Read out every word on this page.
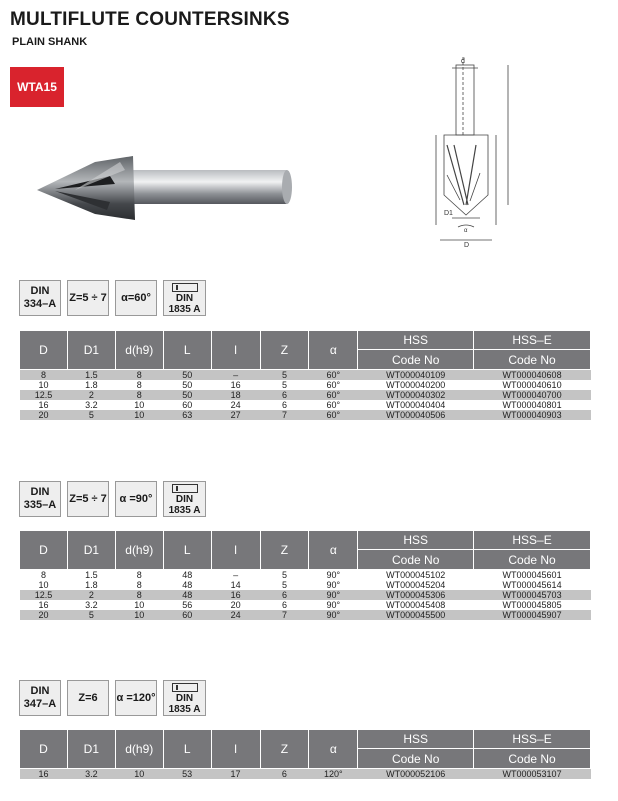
MULTIFLUTE COUNTERSINKS
PLAIN SHANK
WTA15
d
D1
D
α
DIN
334–A Z=5 ÷ 7	α=60°	DIN
1835 A
D	D1	d(h9)	L	l	Z	α	HSS	HSS–E
							Code No	Code No
8	1.5	8	50	–	5	60°	WT000040109	WT000040608
10	1.8	8	50	16	5	60°	WT000040200	WT000040610
12.5	2	8	50	18	6	60°	WT000040302	WT000040700
16	3.2	10	60	24	6	60°	WT000040404	WT000040801
20	5	10	63	27	7	60°	WT000040506	WT000040903
DIN
335–A Z=5 ÷ 7	α =90°	DIN
1835 A
D	D1	d(h9)	L	l	Z	α	HSS	HSS–E
							Code No	Code No
8	1.5	8	48	–	5	90°	WT000045102	WT000045601
10	1.8	8	48	14	5	90°	WT000045204	WT000045614
12.5	2	8	48	16	6	90°	WT000045306	WT000045703
16	3.2	10	56	20	6	90°	WT000045408	WT000045805
20	5	10	60	24	7	90°	WT000045500	WT000045907
DIN
347–A	Z=6	α =120° DIN
1835 A
D	D1	d(h9)	L	l	Z	α	HSS	HSS–E
							Code No	Code No
16	3.2	10	53	17	6	120°	WT000052106	WT000053107
